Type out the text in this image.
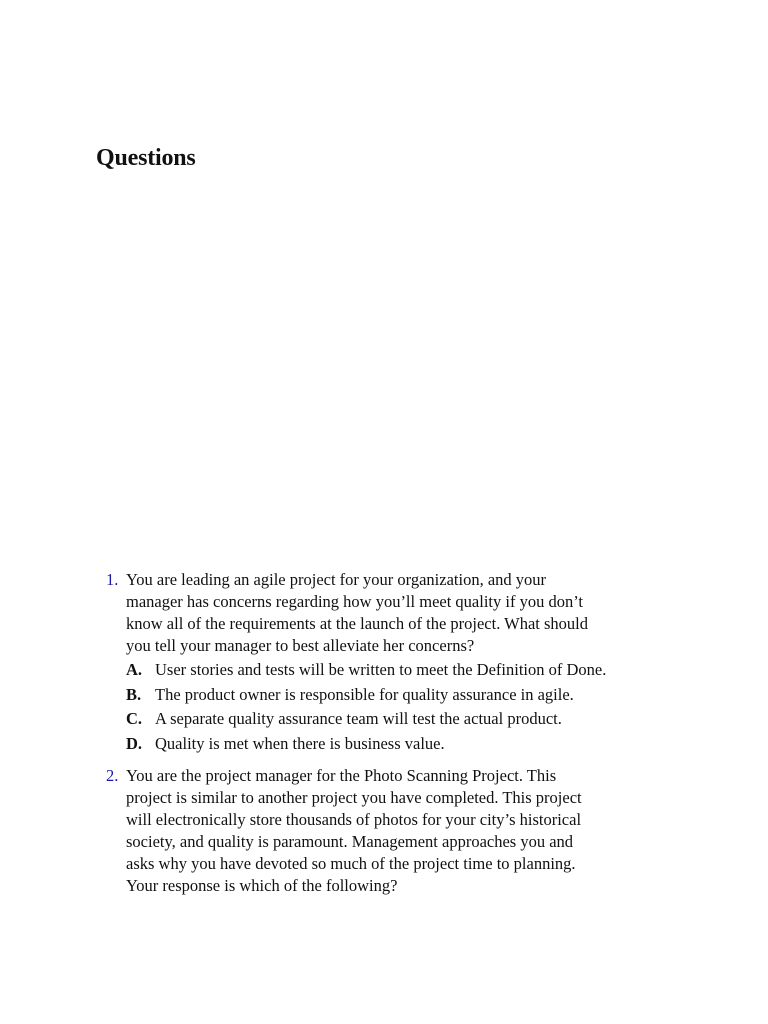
Questions
1. You are leading an agile project for your organization, and your
manager has concerns regarding how you’ll meet quality if you don’t
know all of the requirements at the launch of the project. What should
you tell your manager to best alleviate her concerns?
A. User stories and tests will be written to meet the Definition of Done.
B. The product owner is responsible for quality assurance in agile.
C. A separate quality assurance team will test the actual product.
D. Quality is met when there is business value.
2. You are the project manager for the Photo Scanning Project. This
project is similar to another project you have completed. This project
will electronically store thousands of photos for your city’s historical
society, and quality is paramount. Management approaches you and
asks why you have devoted so much of the project time to planning.
Your response is which of the following?
